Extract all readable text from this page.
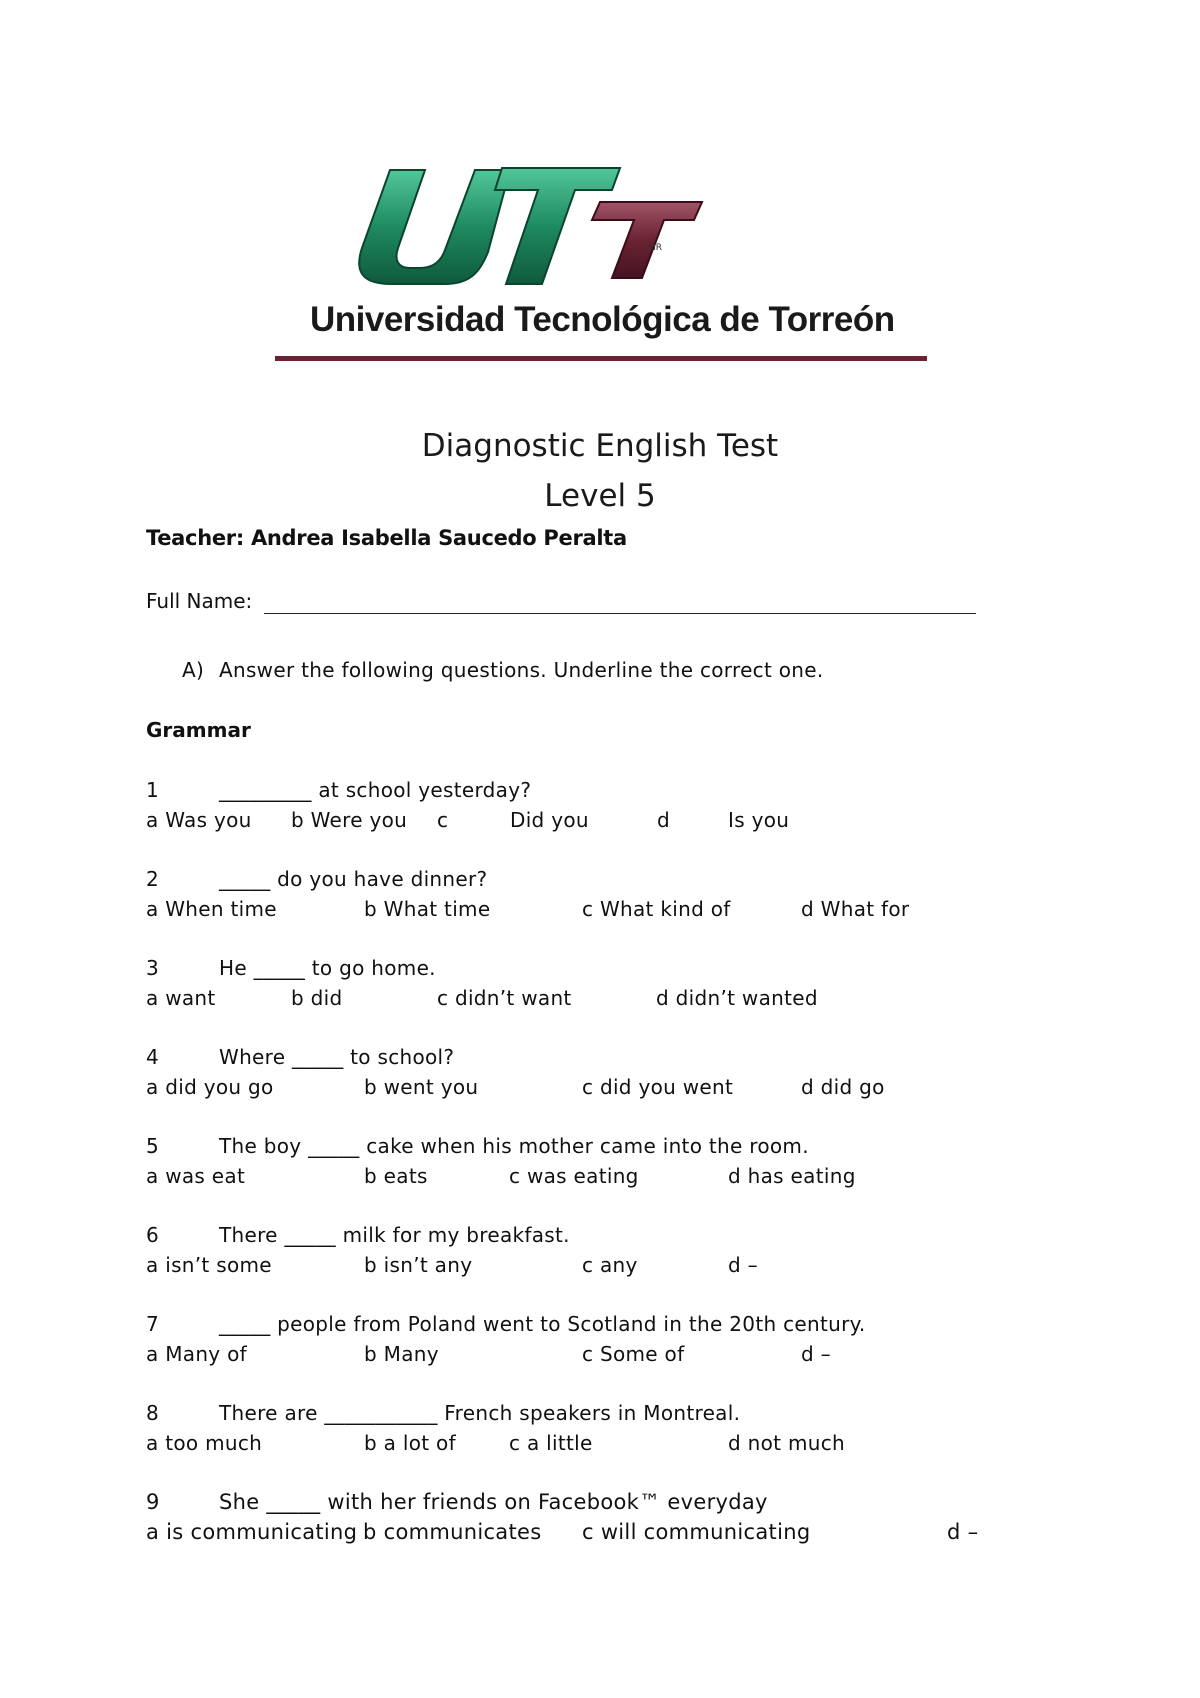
MR
Universidad Tecnológica de Torreón
Diagnostic English Test
Level 5
Teacher: Andrea Isabella Saucedo Peralta
Full Name:
A) Answer the following questions. Underline the correct one.
Grammar
1	_________ at school yesterday?
a Was you b Were you c	Did you	d	Is you
2	_____ do you have dinner?
a When time	b What time	c What kind of	d What for
3	He _____ to go home.
a want	b did	c didn’t want	d didn’t wanted
4	Where _____ to school?
a did you go	b went you	c did you went	d did go
5	The boy _____ cake when his mother came into the room.
a was eat	b eats	c was eating	d has eating
6	There _____ milk for my breakfast.
a isn’t some	b isn’t any	c any	d –
7	_____ people from Poland went to Scotland in the 20th century.
a Many of	b Many	c Some of	d –
8	There are ___________ French speakers in Montreal.
a too much	b a lot of	c a little	d not much
9	She _____ with her friends on Facebook™ everyday
a is communicating b communicates c will communicating	d –
